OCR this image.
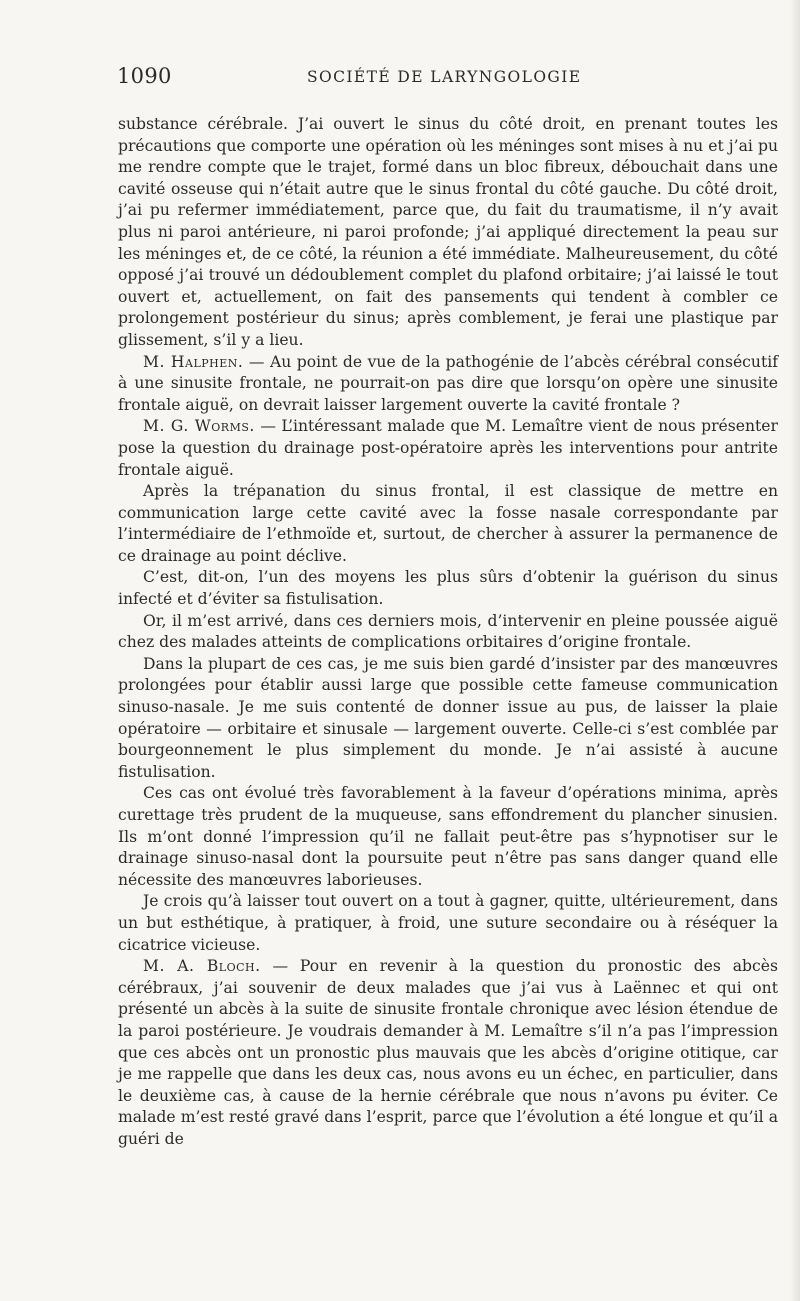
1090	SOCIÉTÉ DE LARYNGOLOGIE

substance cérébrale. J’ai ouvert le sinus du côté droit, en prenant toutes les précautions que comporte une opération où les méninges sont mises à nu et j’ai pu me rendre compte que le trajet, formé dans un bloc fibreux, débouchait dans une cavité osseuse qui n’était autre que le sinus frontal du côté gauche. Du côté droit, j’ai pu refermer immédiatement, parce que, du fait du traumatisme, il n’y avait plus ni paroi antérieure, ni paroi profonde; j’ai appliqué directement la peau sur les méninges et, de ce côté, la réunion a été immédiate. Malheureusement, du côté opposé j’ai trouvé un dédoublement complet du plafond orbitaire; j’ai laissé le tout ouvert et, actuellement, on fait des pansements qui tendent à combler ce prolongement postérieur du sinus; après comblement, je ferai une plastique par glissement, s’il y a lieu.

M. Halphen. — Au point de vue de la pathogénie de l’abcès cérébral consécutif à une sinusite frontale, ne pourrait-on pas dire que lorsqu’on opère une sinusite frontale aiguë, on devrait laisser largement ouverte la cavité frontale ?

M. G. Worms. — L’intéressant malade que M. Lemaître vient de nous présenter pose la question du drainage post-opératoire après les interventions pour antrite frontale aiguë.

Après la trépanation du sinus frontal, il est classique de mettre en communication large cette cavité avec la fosse nasale correspondante par l’intermédiaire de l’ethmoïde et, surtout, de chercher à assurer la permanence de ce drainage au point déclive.

C’est, dit-on, l’un des moyens les plus sûrs d’obtenir la guérison du sinus infecté et d’éviter sa fistulisation.

Or, il m’est arrivé, dans ces derniers mois, d’intervenir en pleine poussée aiguë chez des malades atteints de complications orbitaires d’origine frontale.

Dans la plupart de ces cas, je me suis bien gardé d’insister par des manœuvres prolongées pour établir aussi large que possible cette fameuse communication sinuso-nasale. Je me suis contenté de donner issue au pus, de laisser la plaie opératoire — orbitaire et sinusale — largement ouverte. Celle-ci s’est comblée par bourgeonnement le plus simplement du monde. Je n’ai assisté à aucune fistulisation.

Ces cas ont évolué très favorablement à la faveur d’opérations minima, après curettage très prudent de la muqueuse, sans effondrement du plancher sinusien. Ils m’ont donné l’impression qu’il ne fallait peut-être pas s’hypnotiser sur le drainage sinuso-nasal dont la poursuite peut n’être pas sans danger quand elle nécessite des manœuvres laborieuses.

Je crois qu’à laisser tout ouvert on a tout à gagner, quitte, ultérieurement, dans un but esthétique, à pratiquer, à froid, une suture secondaire ou à réséquer la cicatrice vicieuse.

M. A. Bloch. — Pour en revenir à la question du pronostic des abcès cérébraux, j’ai souvenir de deux malades que j’ai vus à Laënnec et qui ont présenté un abcès à la suite de sinusite frontale chronique avec lésion étendue de la paroi postérieure. Je voudrais demander à M. Lemaître s’il n’a pas l’impression que ces abcès ont un pronostic plus mauvais que les abcès d’origine otitique, car je me rappelle que dans les deux cas, nous avons eu un échec, en particulier, dans le deuxième cas, à cause de la hernie cérébrale que nous n’avons pu éviter. Ce malade m’est resté gravé dans l’esprit, parce que l’évolution a été longue et qu’il a guéri de
